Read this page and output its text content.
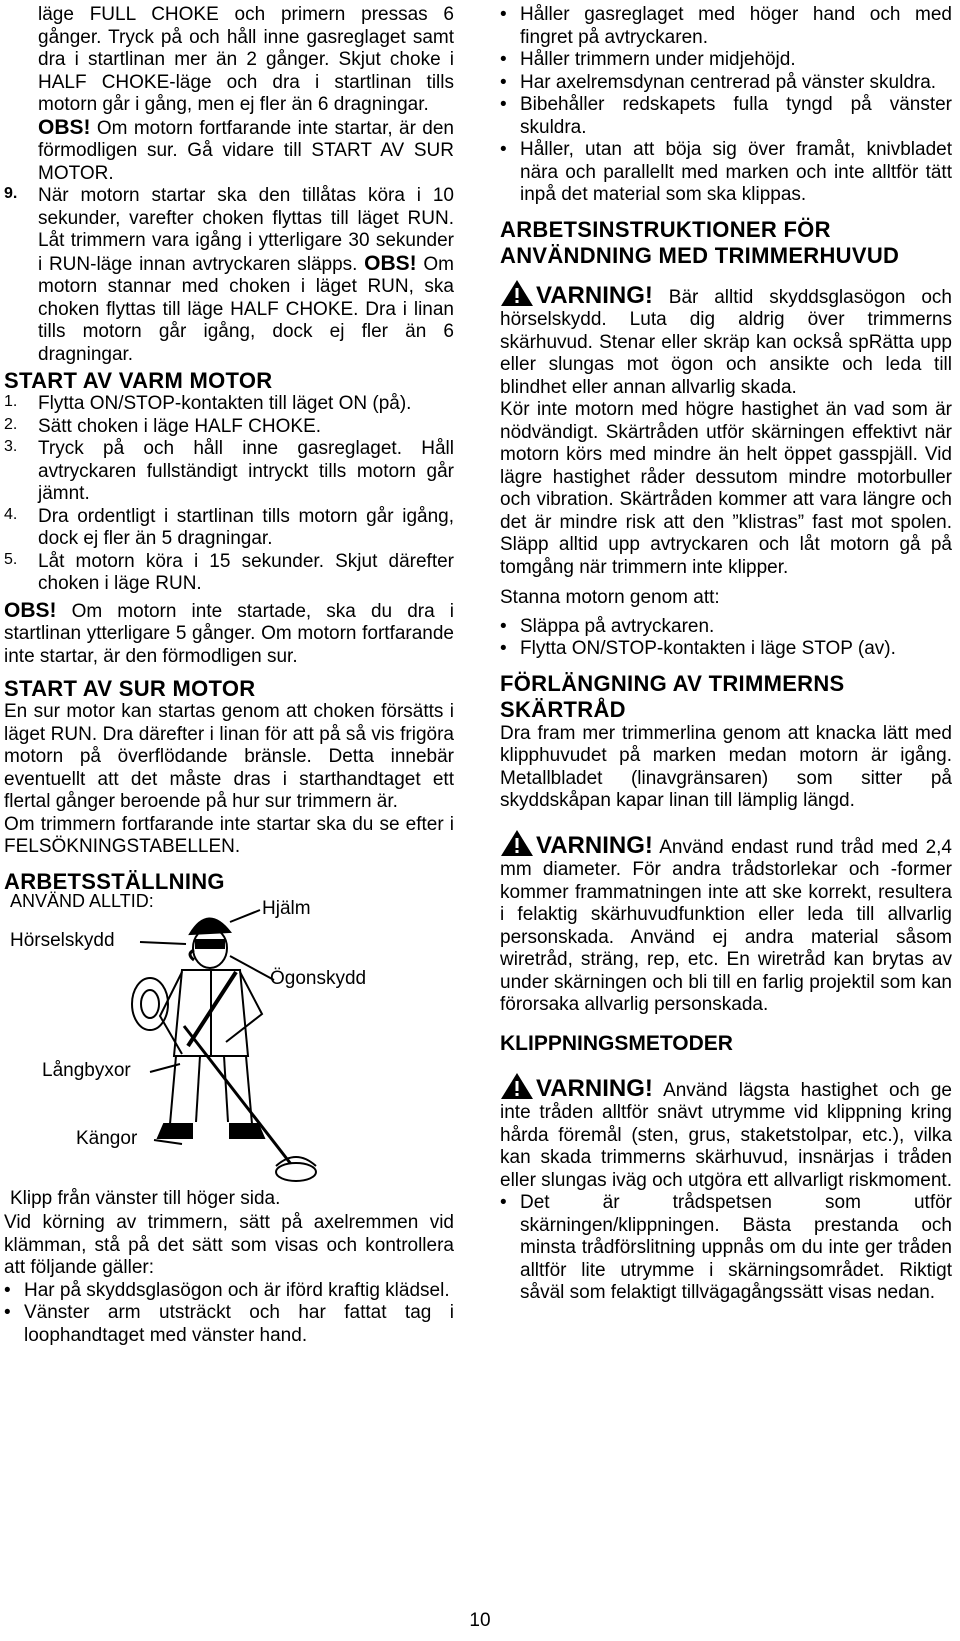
läge FULL CHOKE och primern pressas 6 gånger. Tryck på och håll inne gasreglaget samt dra i startlinan mer än 2 gånger. Skjut choke i HALF CHOKE-läge och dra i startlinan tills motorn går i gång, men ej fler än 6 dragningar.

OBS! Om motorn fortfarande inte startar, är den förmodligen sur. Gå vidare till START AV SUR MOTOR.

9.	När motorn startar ska den tillåtas köra i 10 sekunder, varefter choken flyttas till läget RUN. Låt trimmern vara igång i ytterligare 30 sekunder i RUN-läge innan avtryckaren släpps. OBS! Om motorn stannar med choken i läget RUN, ska choken flyttas till läge HALF CHOKE. Dra i linan tills motorn går igång, dock ej fler än 6 dragningar.

START AV VARM MOTOR
1.	Flytta ON/STOP-kontakten till läget ON (på).

2.	Sätt choken i läge HALF CHOKE.

3.	Tryck på och håll inne gasreglaget. Håll avtryckaren fullständigt intryckt tills motorn går jämnt.

4.	Dra ordentligt i startlinan tills motorn går igång, dock ej fler än 5 dragningar.

5.	Låt motorn köra i 15 sekunder. Skjut därefter choken i läge RUN.

OBS! Om motorn inte startade, ska du dra i startlinan ytterligare 5 gånger. Om motorn fortfarande inte startar, är den förmodligen sur.

START AV SUR MOTOR

En sur motor kan startas genom att choken försätts i läget RUN. Dra därefter i linan för att på så vis frigöra motorn på överflödande bränsle. Detta innebär eventuellt att det måste dras i starthandtaget ett flertal gånger beroende på hur sur trimmern är.

Om trimmern fortfarande inte startar ska du se efter i FELSÖKNINGSTABELLEN.

ARBETSSTÄLLNING
ANVÄND ALLTID:	Hjälm
Hörselskydd
Ögonskydd
Långbyxor
Kängor

Klipp från vänster till höger sida.

Vid körning av trimmern, sätt på axelremmen vid klämman, stå på det sätt som visas och kontrollera att följande gäller:

• Har på skyddsglasögon och är iförd kraftig klädsel.
• Vänster arm utsträckt och har fattat tag i loophandtaget med vänster hand.
• Håller gasreglaget med höger hand och med fingret på avtryckaren.
• Håller trimmern under midjehöjd.
• Har axelremsdynan centrerad på vänster skuldra.
• Bibehåller redskapets fulla tyngd på vänster skuldra.
• Håller, utan att böja sig över framåt, knivbladet nära och parallellt med marken och inte alltför tätt inpå det material som ska klippas.
ARBETSINSTRUKTIONER FÖR ANVÄNDNING MED TRIMMERHUVUD

VARNING! Bär alltid skyddsglasögon och hörselskydd. Luta dig aldrig över trimmerns skärhuvud. Stenar eller skräp kan också spRätta upp eller slungas mot ögon och ansikte och leda till blindhet eller annan allvarlig skada.

Kör inte motorn med högre hastighet än vad som är nödvändigt. Skärtråden utför skärningen effektivt när motorn körs med mindre än helt öppet gasspjäll. Vid lägre hastighet råder dessutom mindre motorbuller och vibration. Skärtråden kommer att vara längre och det är mindre risk att den ”klistras” fast mot spolen. Släpp alltid upp avtryckaren och låt motorn gå på tomgång när trimmern inte klipper.

Stanna motorn genom att:

• Släppa på avtryckaren.
• Flytta ON/STOP-kontakten i läge STOP (av).
FÖRLÄNGNING AV TRIMMERNS SKÄRTRÅD

Dra fram mer trimmerlina genom att knacka lätt med klipphuvudet på marken medan motorn är igång. Metallbladet (linavgränsaren) som sitter på skyddskåpan kapar linan till lämplig längd.

VARNING! Använd endast rund tråd med 2,4 mm diameter. För andra trådstorlekar och -former kommer frammatningen inte att ske korrekt, resultera i felaktig skärhuvudfunktion eller leda till allvarlig personskada. Använd ej andra material såsom wiretråd, sträng, rep, etc. En wiretråd kan brytas av under skärningen och bli till en farlig projektil som kan förorsaka allvarlig personskada.

KLIPPNINGSMETODER

VARNING! Använd lägsta hastighet och ge inte tråden alltför snävt utrymme vid klippning kring hårda föremål (sten, grus, staketstolpar, etc.), vilka kan skada trimmerns skärhuvud, insnärjas i tråden eller slungas iväg och utgöra ett allvarligt riskmoment.

• Det är trådspetsen som utför skärningen/klippningen. Bästa prestanda och minsta trådförslitning uppnås om du inte ger tråden alltför lite utrymme i skärningsområdet. Riktigt såväl som felaktigt tillvägagångssätt visas nedan.
10
